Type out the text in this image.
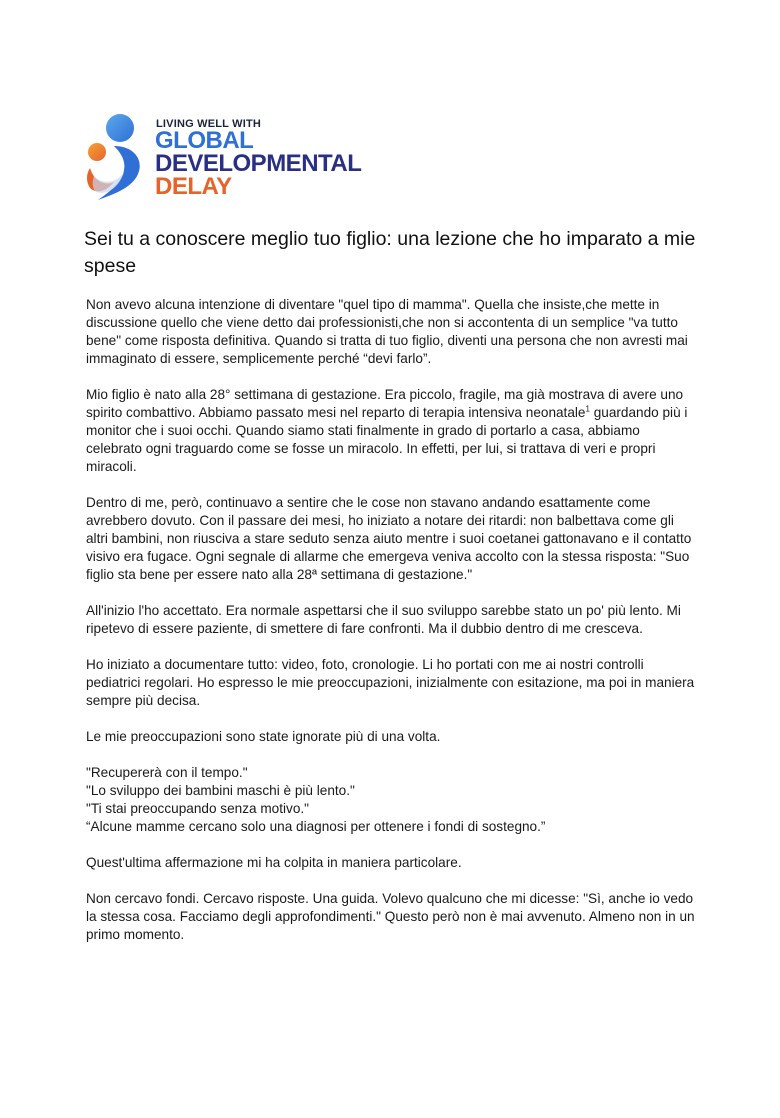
LIVING WELL WITH
GLOBAL
DEVELOPMENTAL
DELAY
Sei tu a conoscere meglio tuo figlio: una lezione che ho imparato a mie spese

Non avevo alcuna intenzione di diventare "quel tipo di mamma". Quella che insiste,che mette in discussione quello che viene detto dai professionisti,che non si accontenta di un semplice "va tutto bene" come risposta definitiva. Quando si tratta di tuo figlio, diventi una persona che non avresti mai immaginato di essere, semplicemente perché “devi farlo”.

Mio figlio è nato alla 28° settimana di gestazione. Era piccolo, fragile, ma già mostrava di avere uno spirito combattivo. Abbiamo passato mesi nel reparto di terapia intensiva neonatale$^1$ guardando più i monitor che i suoi occhi. Quando siamo stati finalmente in grado di portarlo a casa, abbiamo celebrato ogni traguardo come se fosse un miracolo. In effetti, per lui, si trattava di veri e propri miracoli.

Dentro di me, però, continuavo a sentire che le cose non stavano andando esattamente come avrebbero dovuto. Con il passare dei mesi, ho iniziato a notare dei ritardi: non balbettava come gli altri bambini, non riusciva a stare seduto senza aiuto mentre i suoi coetanei gattonavano e il contatto visivo era fugace. Ogni segnale di allarme che emergeva veniva accolto con la stessa risposta: "Suo figlio sta bene per essere nato alla 28ª settimana di gestazione."

All'inizio l'ho accettato. Era normale aspettarsi che il suo sviluppo sarebbe stato un po' più lento. Mi ripetevo di essere paziente, di smettere di fare confronti. Ma il dubbio dentro di me cresceva.

Ho iniziato a documentare tutto: video, foto, cronologie. Li ho portati con me ai nostri controlli pediatrici regolari. Ho espresso le mie preoccupazioni, inizialmente con esitazione, ma poi in maniera sempre più decisa.

Le mie preoccupazioni sono state ignorate più di una volta.

"Recupererà con il tempo."

"Lo sviluppo dei bambini maschi è più lento."

"Ti stai preoccupando senza motivo."

“Alcune mamme cercano solo una diagnosi per ottenere i fondi di sostegno.”

Quest'ultima affermazione mi ha colpita in maniera particolare.

Non cercavo fondi. Cercavo risposte. Una guida. Volevo qualcuno che mi dicesse: "Sì, anche io vedo la stessa cosa. Facciamo degli approfondimenti." Questo però non è mai avvenuto. Almeno non in un primo momento.
